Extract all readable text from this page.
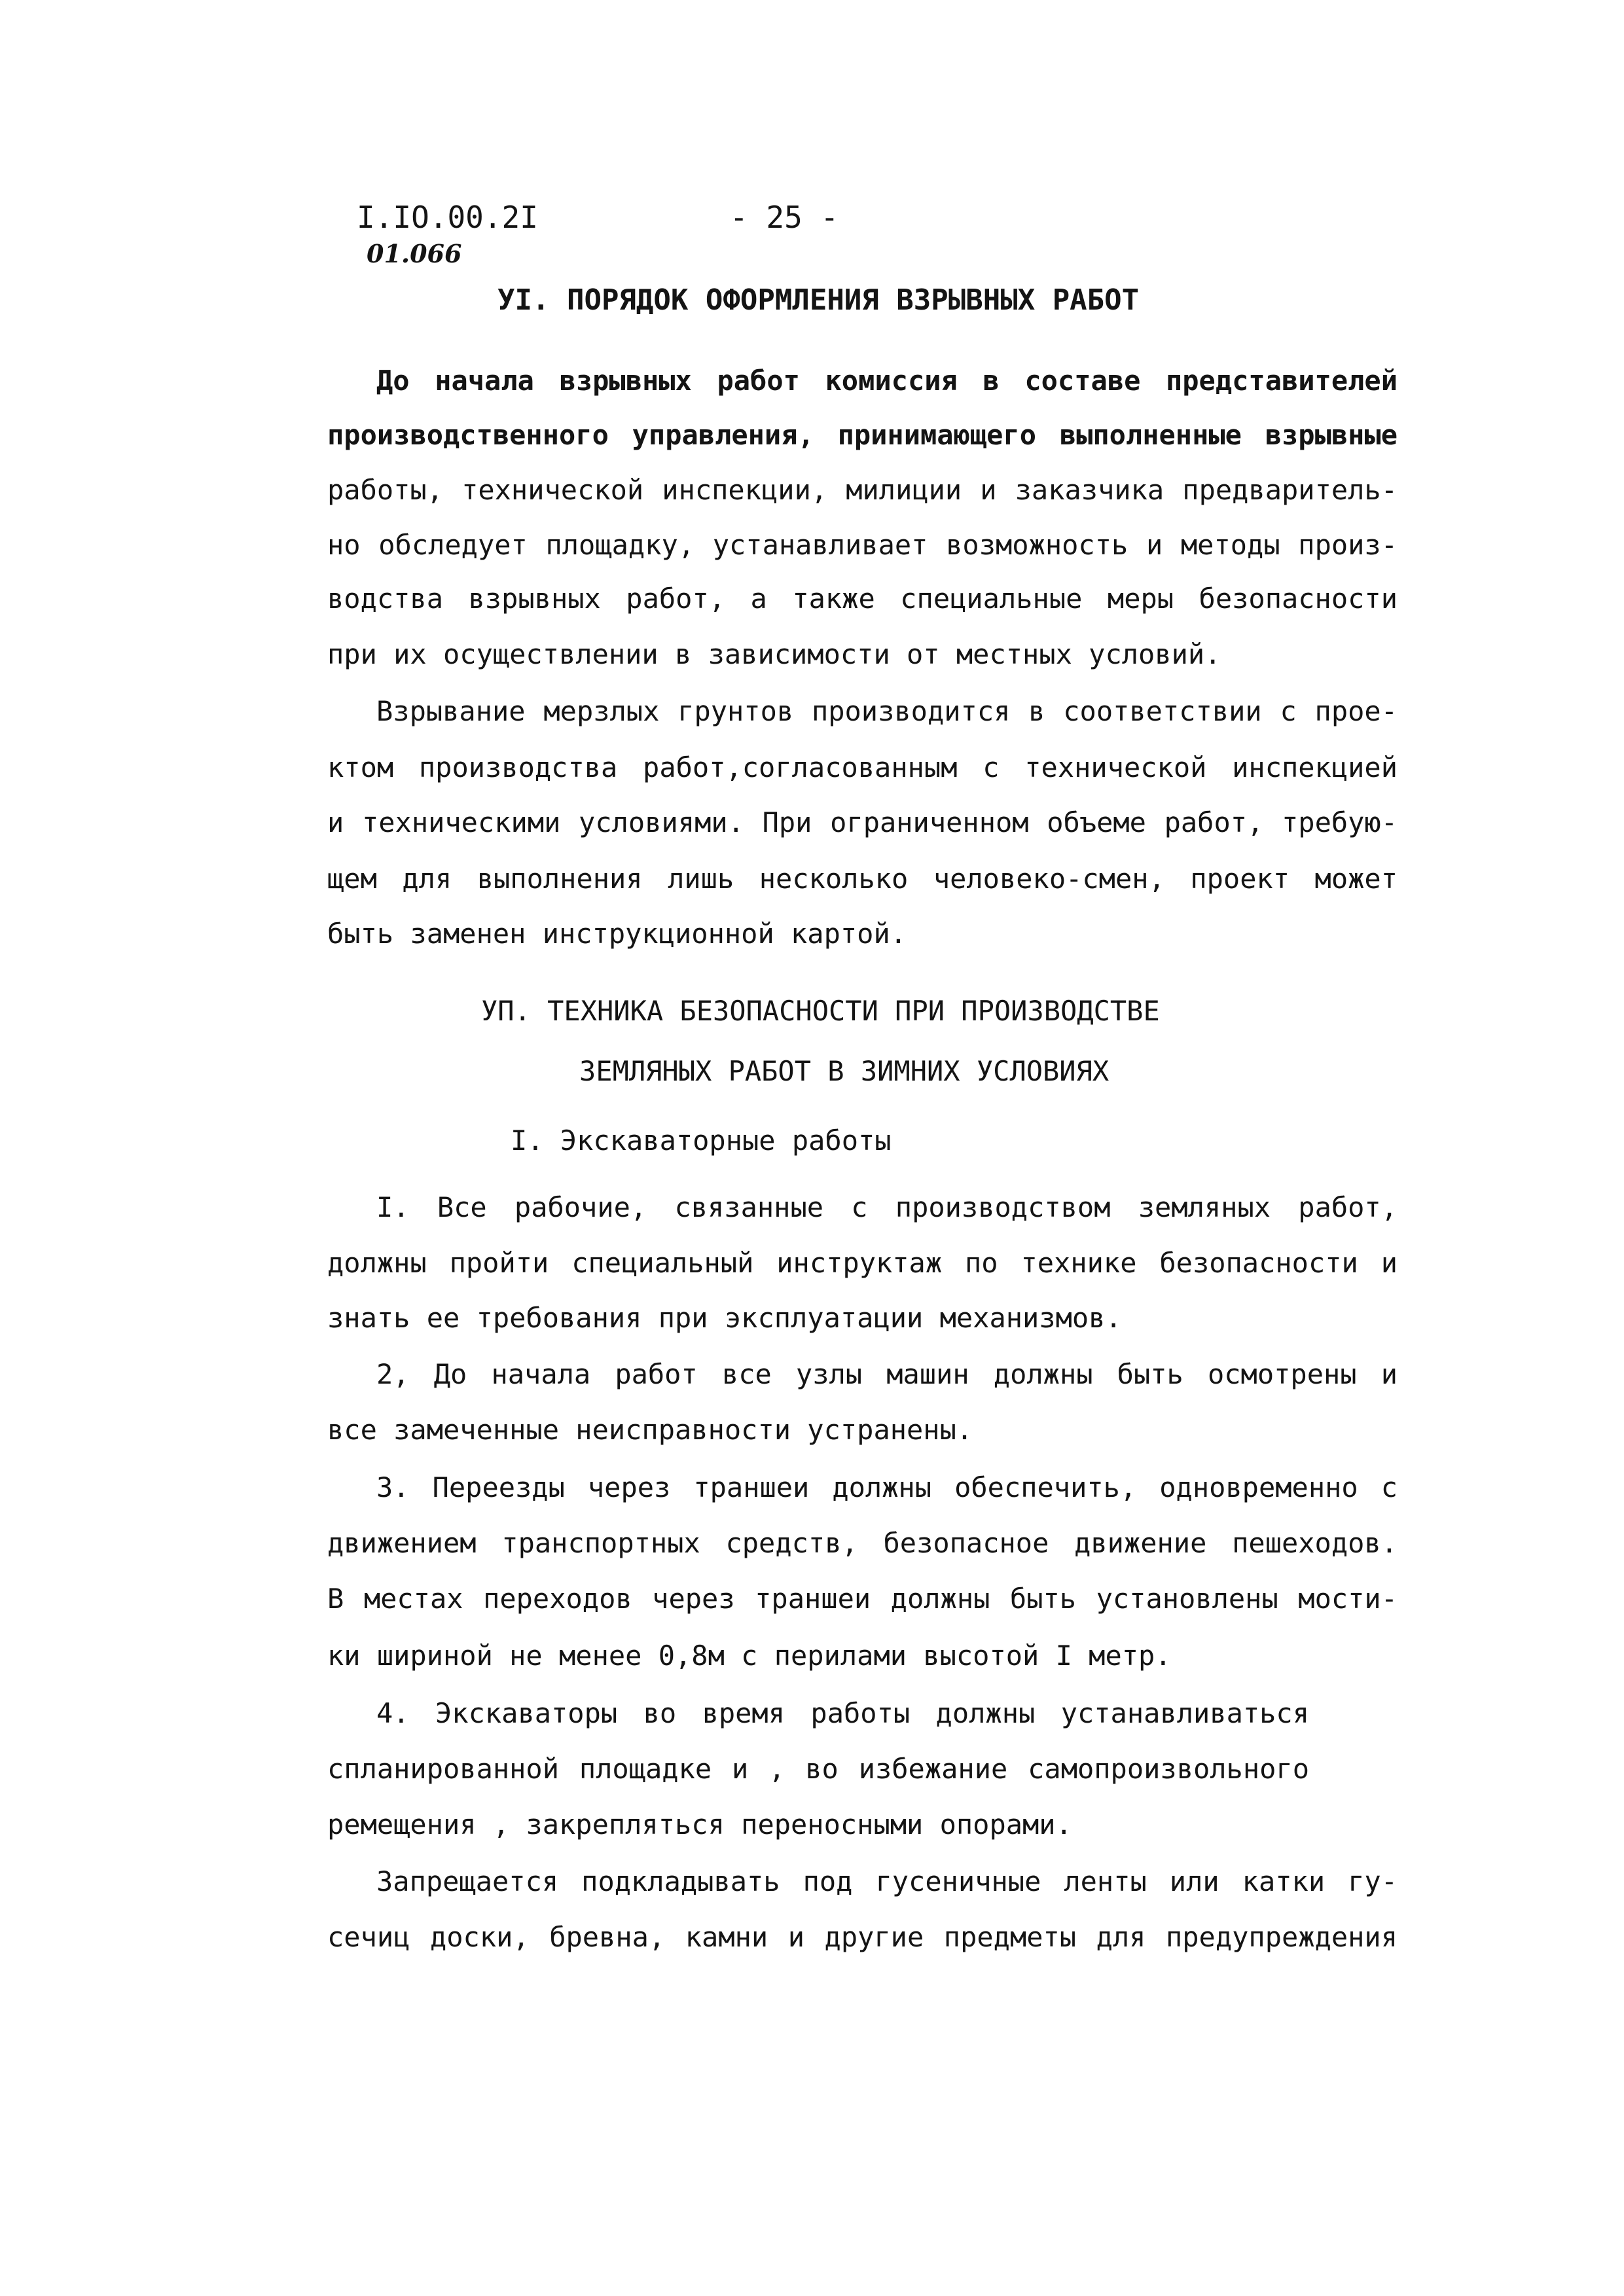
I.IO.00.2I	- 25 -
01.066
УI. ПОРЯДОК ОФОРМЛЕНИЯ ВЗРЫВНЫХ РАБОТ
До начала взрывных работ комиссия в составе представителей
производственного управления, принимающего выполненные взрывные
работы, технической инспекции, милиции и заказчика предваритель-
но обследует площадку, устанавливает возможность и методы произ-
водства взрывных работ, а также специальные меры безопасности
при их осуществлении в зависимости от местных условий.
Взрывание мерзлых грунтов производится в соответствии с прое-
ктом производства работ,согласованным с технической инспекцией
и техническими условиями. При ограниченном объеме работ, требую-
щем для выполнения лишь несколько человеко-смен, проект может
быть заменен инструкционной картой.
УП. ТЕХНИКА БЕЗОПАСНОСТИ ПРИ ПРОИЗВОДСТВЕ
ЗЕМЛЯНЫХ РАБОТ В ЗИМНИХ УСЛОВИЯХ
I. Экскаваторные работы
I. Все рабочие, связанные с производством земляных работ,
должны пройти специальный инструктаж по технике безопасности и
знать ее требования при эксплуатации механизмов.
2, До начала работ все узлы машин должны быть осмотрены и
все замеченные неисправности устранены.
3. Переезды через траншеи должны обеспечить, одновременно с
движением транспортных средств, безопасное движение пешеходов.
В местах переходов через траншеи должны быть установлены мости-
ки шириной не менее 0,8м с перилами высотой I метр.
4. Экскаваторы во время работы должны устанавливаться
спланированной площадке и , во избежание самопроизвольного
ремещения , закрепляться переносными опорами.
Запрещается подкладывать под гусеничные ленты или катки гу-
сечиц доски, бревна, камни и другие предметы для предупреждения
